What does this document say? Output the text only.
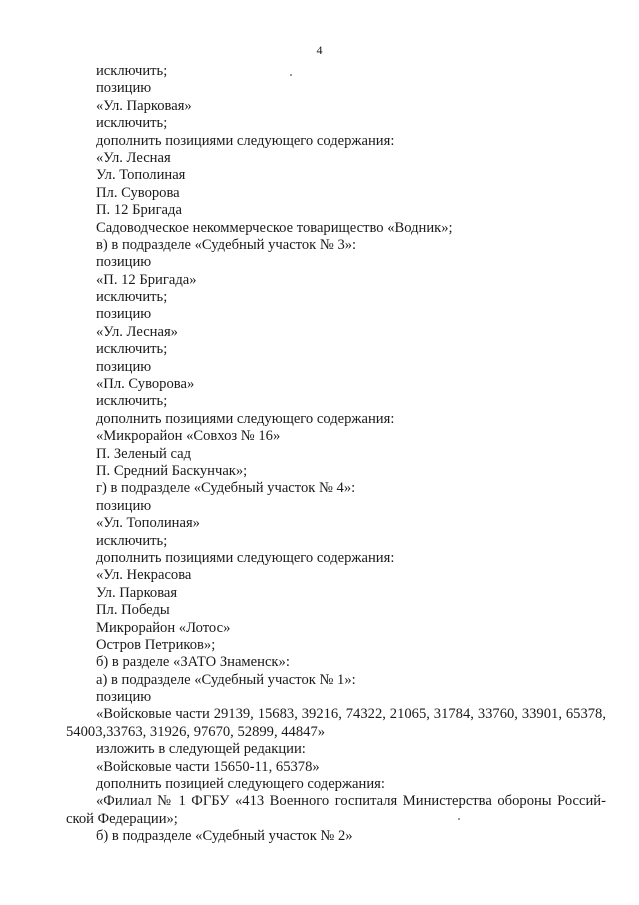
4
исключить;
позицию
«Ул. Парковая»
исключить;
дополнить позициями следующего содержания:
«Ул. Лесная
Ул. Тополиная
Пл. Суворова
П. 12 Бригада
Садоводческое некоммерческое товарищество «Водник»;
в) в подразделе «Судебный участок № 3»:
позицию
«П. 12 Бригада»
исключить;
позицию
«Ул. Лесная»
исключить;
позицию
«Пл. Суворова»
исключить;
дополнить позициями следующего содержания:
«Микрорайон «Совхоз № 16»
П. Зеленый сад
П. Средний Баскунчак»;
г) в подразделе «Судебный участок № 4»:
позицию
«Ул. Тополиная»
исключить;
дополнить позициями следующего содержания:
«Ул. Некрасова
Ул. Парковая
Пл. Победы
Микрорайон «Лотос»
Остров Петриков»;
б) в разделе «ЗАТО Знаменск»:
а) в подразделе «Судебный участок № 1»:
позицию
«Войсковые части 29139, 15683, 39216, 74322, 21065, 31784, 33760, 33901, 65378, 54003,33763, 31926, 97670, 52899, 44847»
изложить в следующей редакции:
«Войсковые части 15650-11, 65378»
дополнить позицией следующего содержания:
«Филиал № 1 ФГБУ «413 Военного госпиталя Министерства обороны Российской Федерации»;
б) в подразделе «Судебный участок № 2»
